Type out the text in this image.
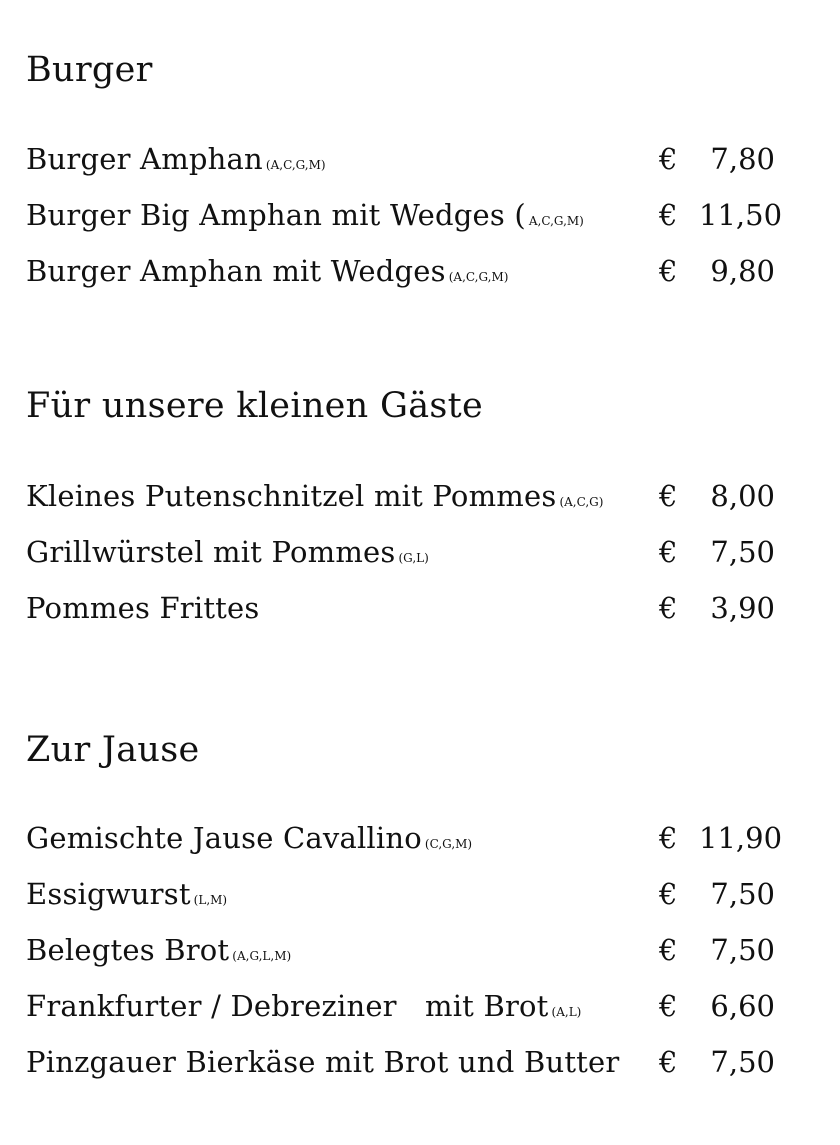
Burger
Burger Amphan (A,C,G,M)	€ 7,80
Burger Big Amphan mit Wedges ( A,C,G,M)	€ 11,50
Burger Amphan mit Wedges (A,C,G,M)	€ 9,80
Für unsere kleinen Gäste
Kleines Putenschnitzel mit Pommes (A,C,G) € 8,00
Grillwürstel mit Pommes (G,L)	€ 7,50
Pommes Frittes	€ 3,90
Zur Jause
Gemischte Jause Cavallino (C,G,M)	€ 11,90
Essigwurst (L,M)	€ 7,50
Belegtes Brot (A,G,L,M)	€ 7,50
Frankfurter / Debreziner   mit Brot (A,L)	€ 6,60
Pinzgauer Bierkäse mit Brot und Butter € 7,50
